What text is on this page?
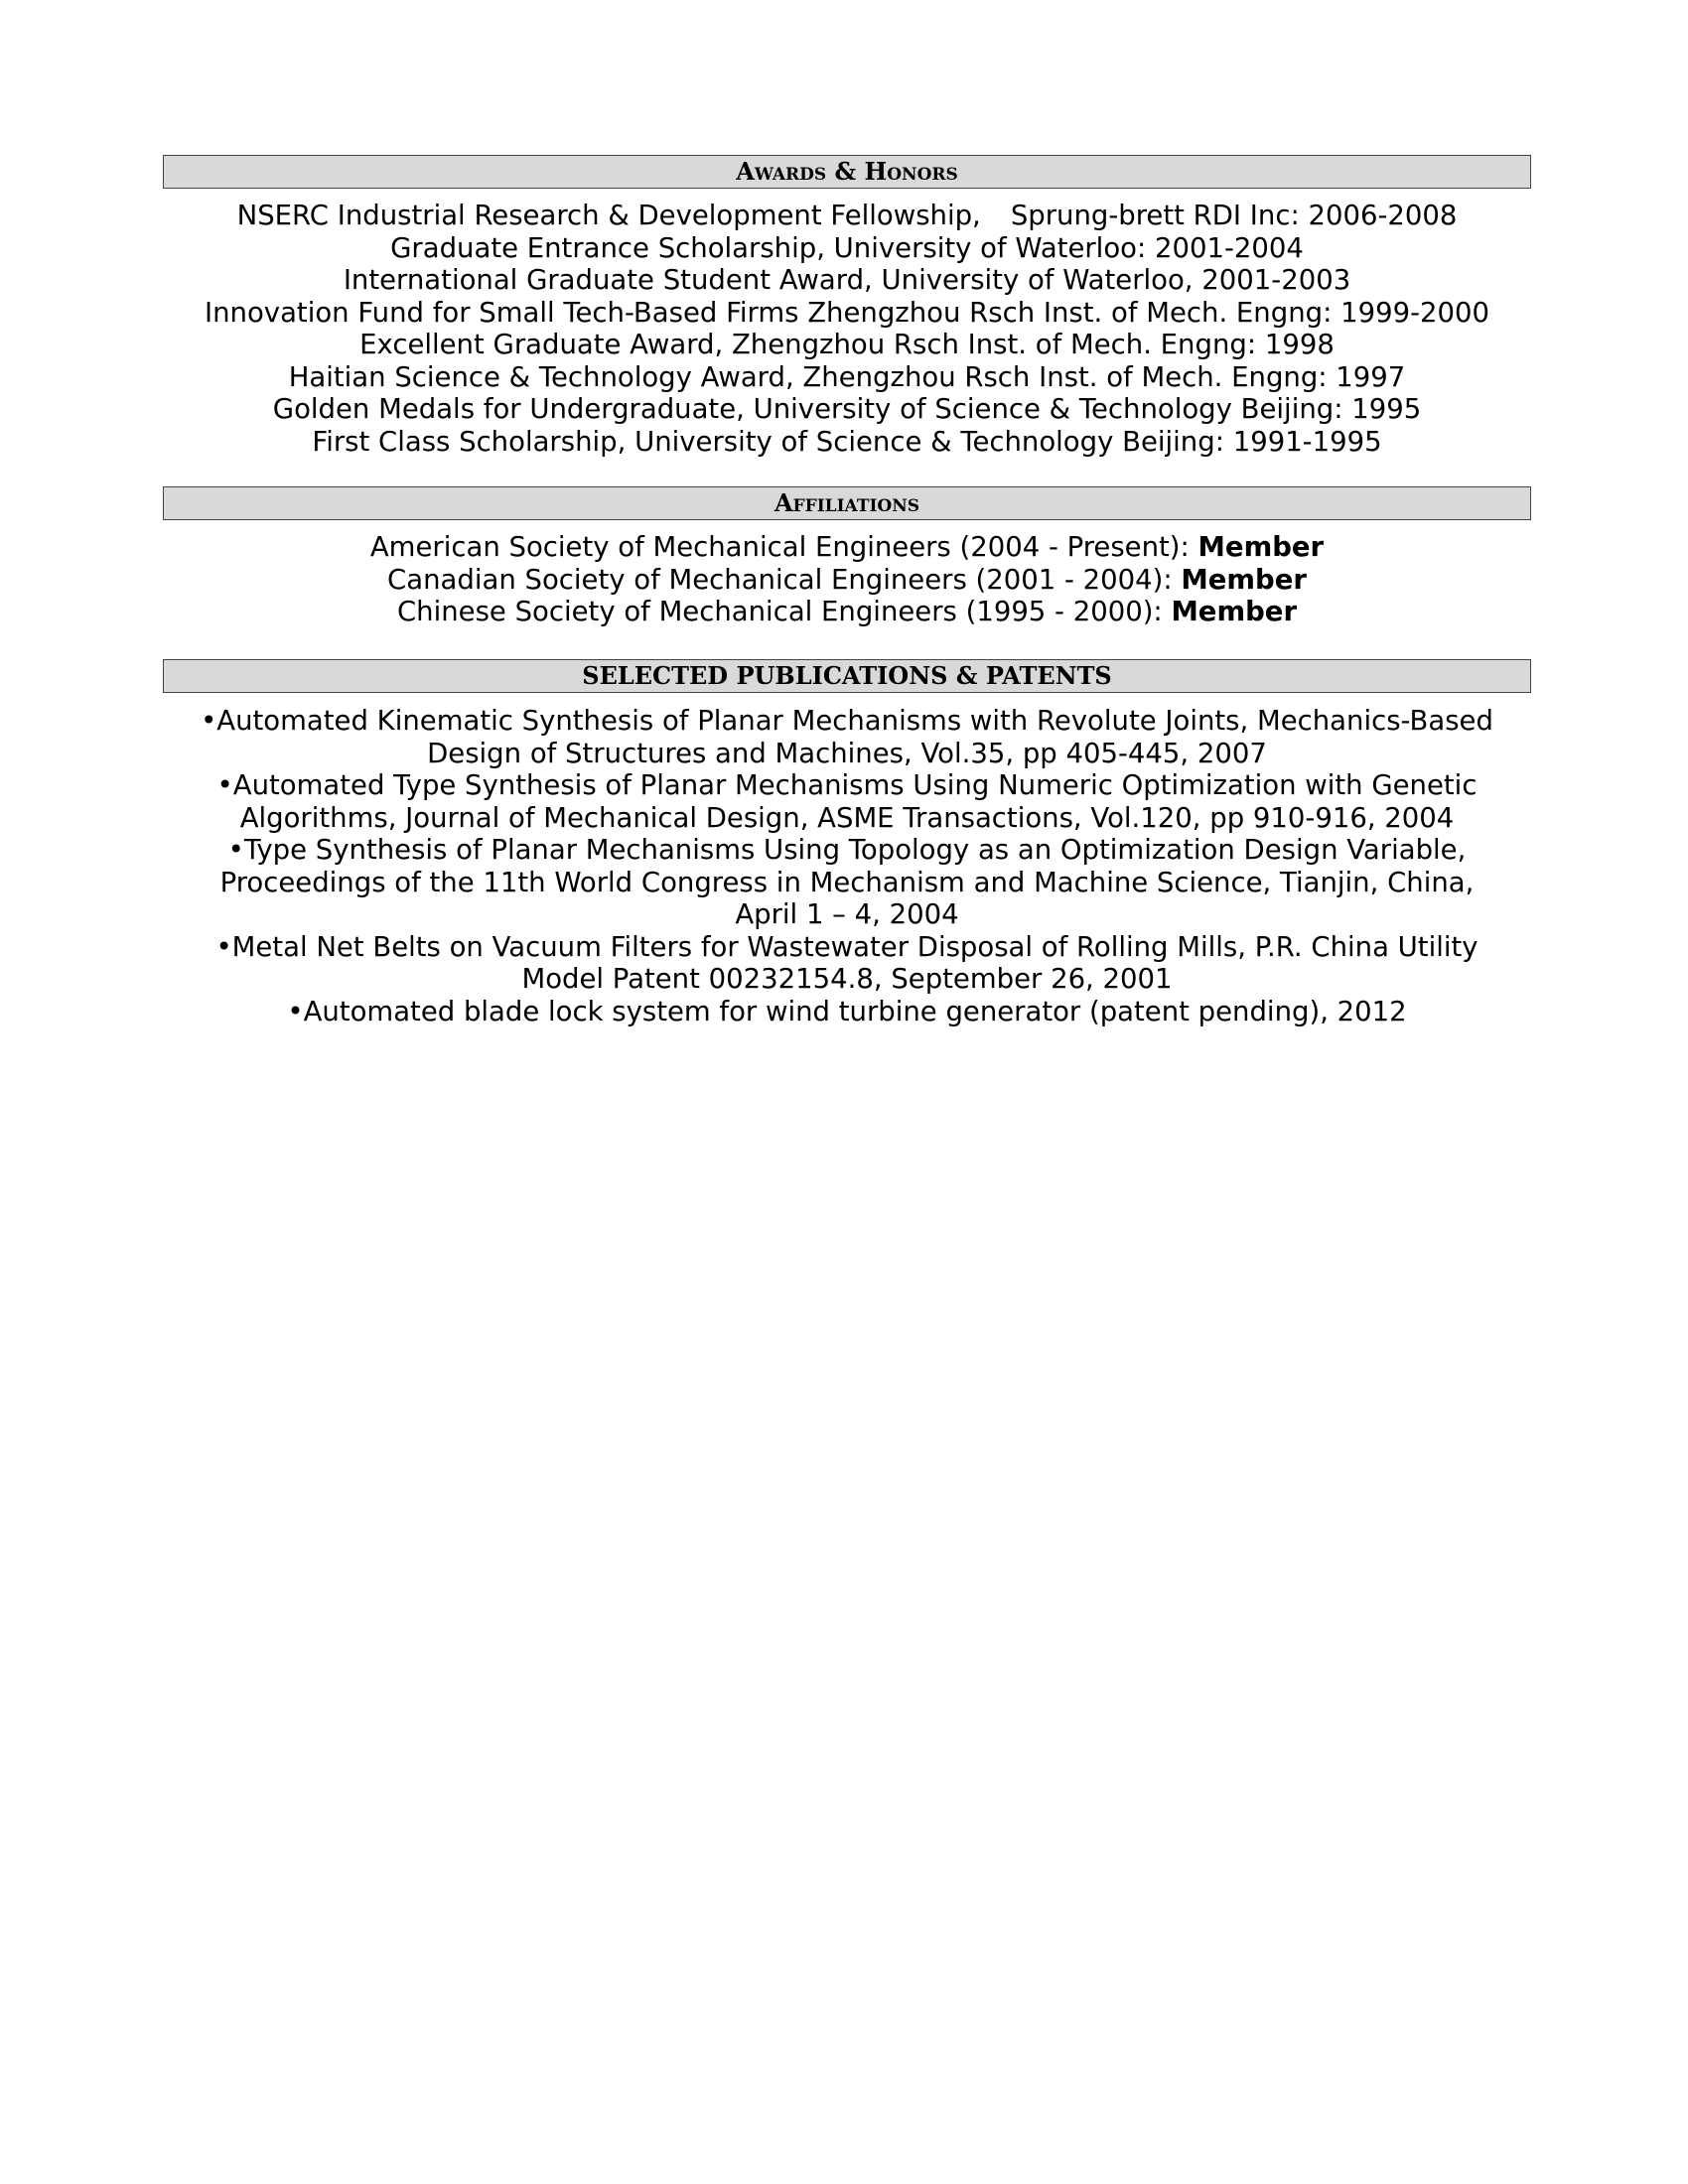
Awards & Honors
NSERC Industrial Research & Development Fellowship, Sprung-brett RDI Inc: 2006-2008
Graduate Entrance Scholarship, University of Waterloo: 2001-2004
International Graduate Student Award, University of Waterloo, 2001-2003
Innovation Fund for Small Tech-Based Firms Zhengzhou Rsch Inst. of Mech. Engng: 1999-2000
Excellent Graduate Award, Zhengzhou Rsch Inst. of Mech. Engng: 1998
Haitian Science & Technology Award, Zhengzhou Rsch Inst. of Mech. Engng: 1997
Golden Medals for Undergraduate, University of Science & Technology Beijing: 1995
First Class Scholarship, University of Science & Technology Beijing: 1991-1995
Affiliations
American Society of Mechanical Engineers (2004 - Present): Member
Canadian Society of Mechanical Engineers (2001 - 2004): Member
Chinese Society of Mechanical Engineers (1995 - 2000): Member
SELECTED PUBLICATIONS & PATENTS
•Automated Kinematic Synthesis of Planar Mechanisms with Revolute Joints, Mechanics-Based
Design of Structures and Machines, Vol.35, pp 405-445, 2007
•Automated Type Synthesis of Planar Mechanisms Using Numeric Optimization with Genetic
Algorithms, Journal of Mechanical Design, ASME Transactions, Vol.120, pp 910-916, 2004
•Type Synthesis of Planar Mechanisms Using Topology as an Optimization Design Variable,
Proceedings of the 11th World Congress in Mechanism and Machine Science, Tianjin, China,
April 1 – 4, 2004
•Metal Net Belts on Vacuum Filters for Wastewater Disposal of Rolling Mills, P.R. China Utility
Model Patent 00232154.8, September 26, 2001
•Automated blade lock system for wind turbine generator (patent pending), 2012
